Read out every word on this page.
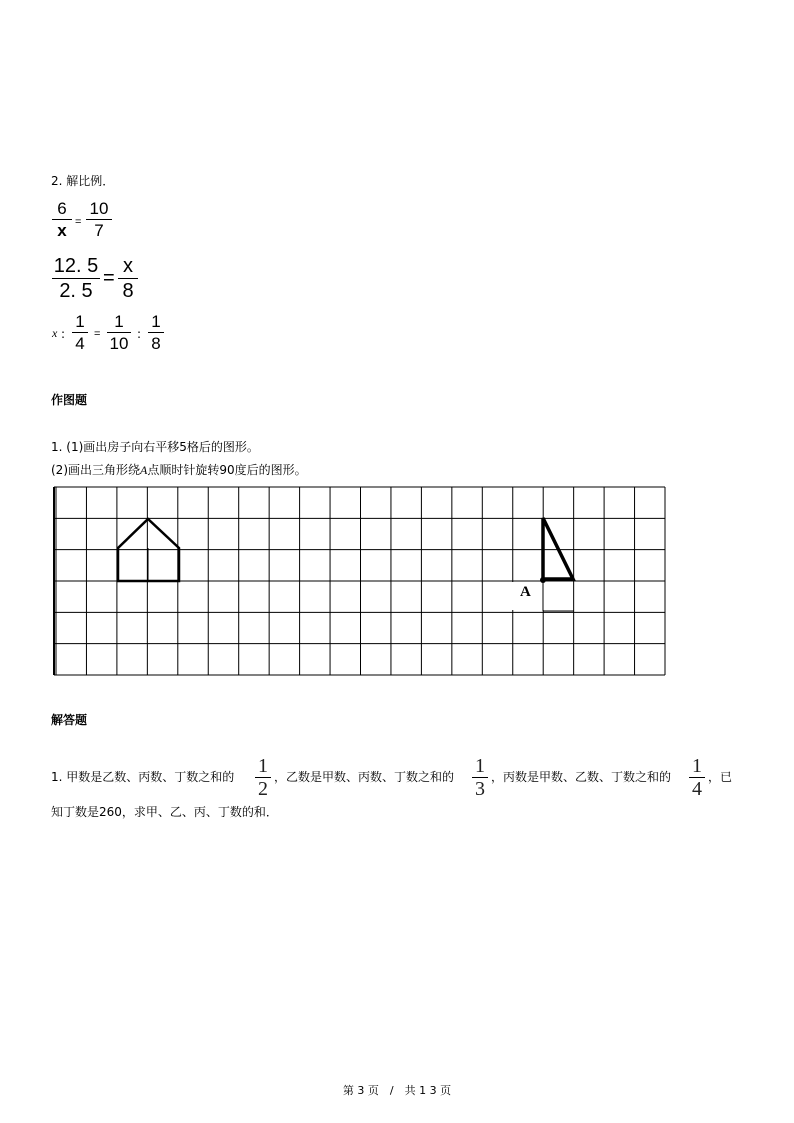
2. 解比例．
6
x =
10
7
12. 5
2. 5
=
x
8
x :
1
4 =
1
10 :
1
8
作图题
1. (1)画出房子向右平移5格后的图形。
(2)画出三角形绕A点顺时针旋转90度后的图形。
A
解答题
1. 甲数是乙数、丙数、丁数之和的 1
2
，乙数是甲数、丙数、丁数之和的 1
3
，丙数是甲数、乙数、丁数之和的 1
4
，已
知丁数是260，求甲、乙、丙、丁数的和．
第 3 页　/　共 1 3 页
